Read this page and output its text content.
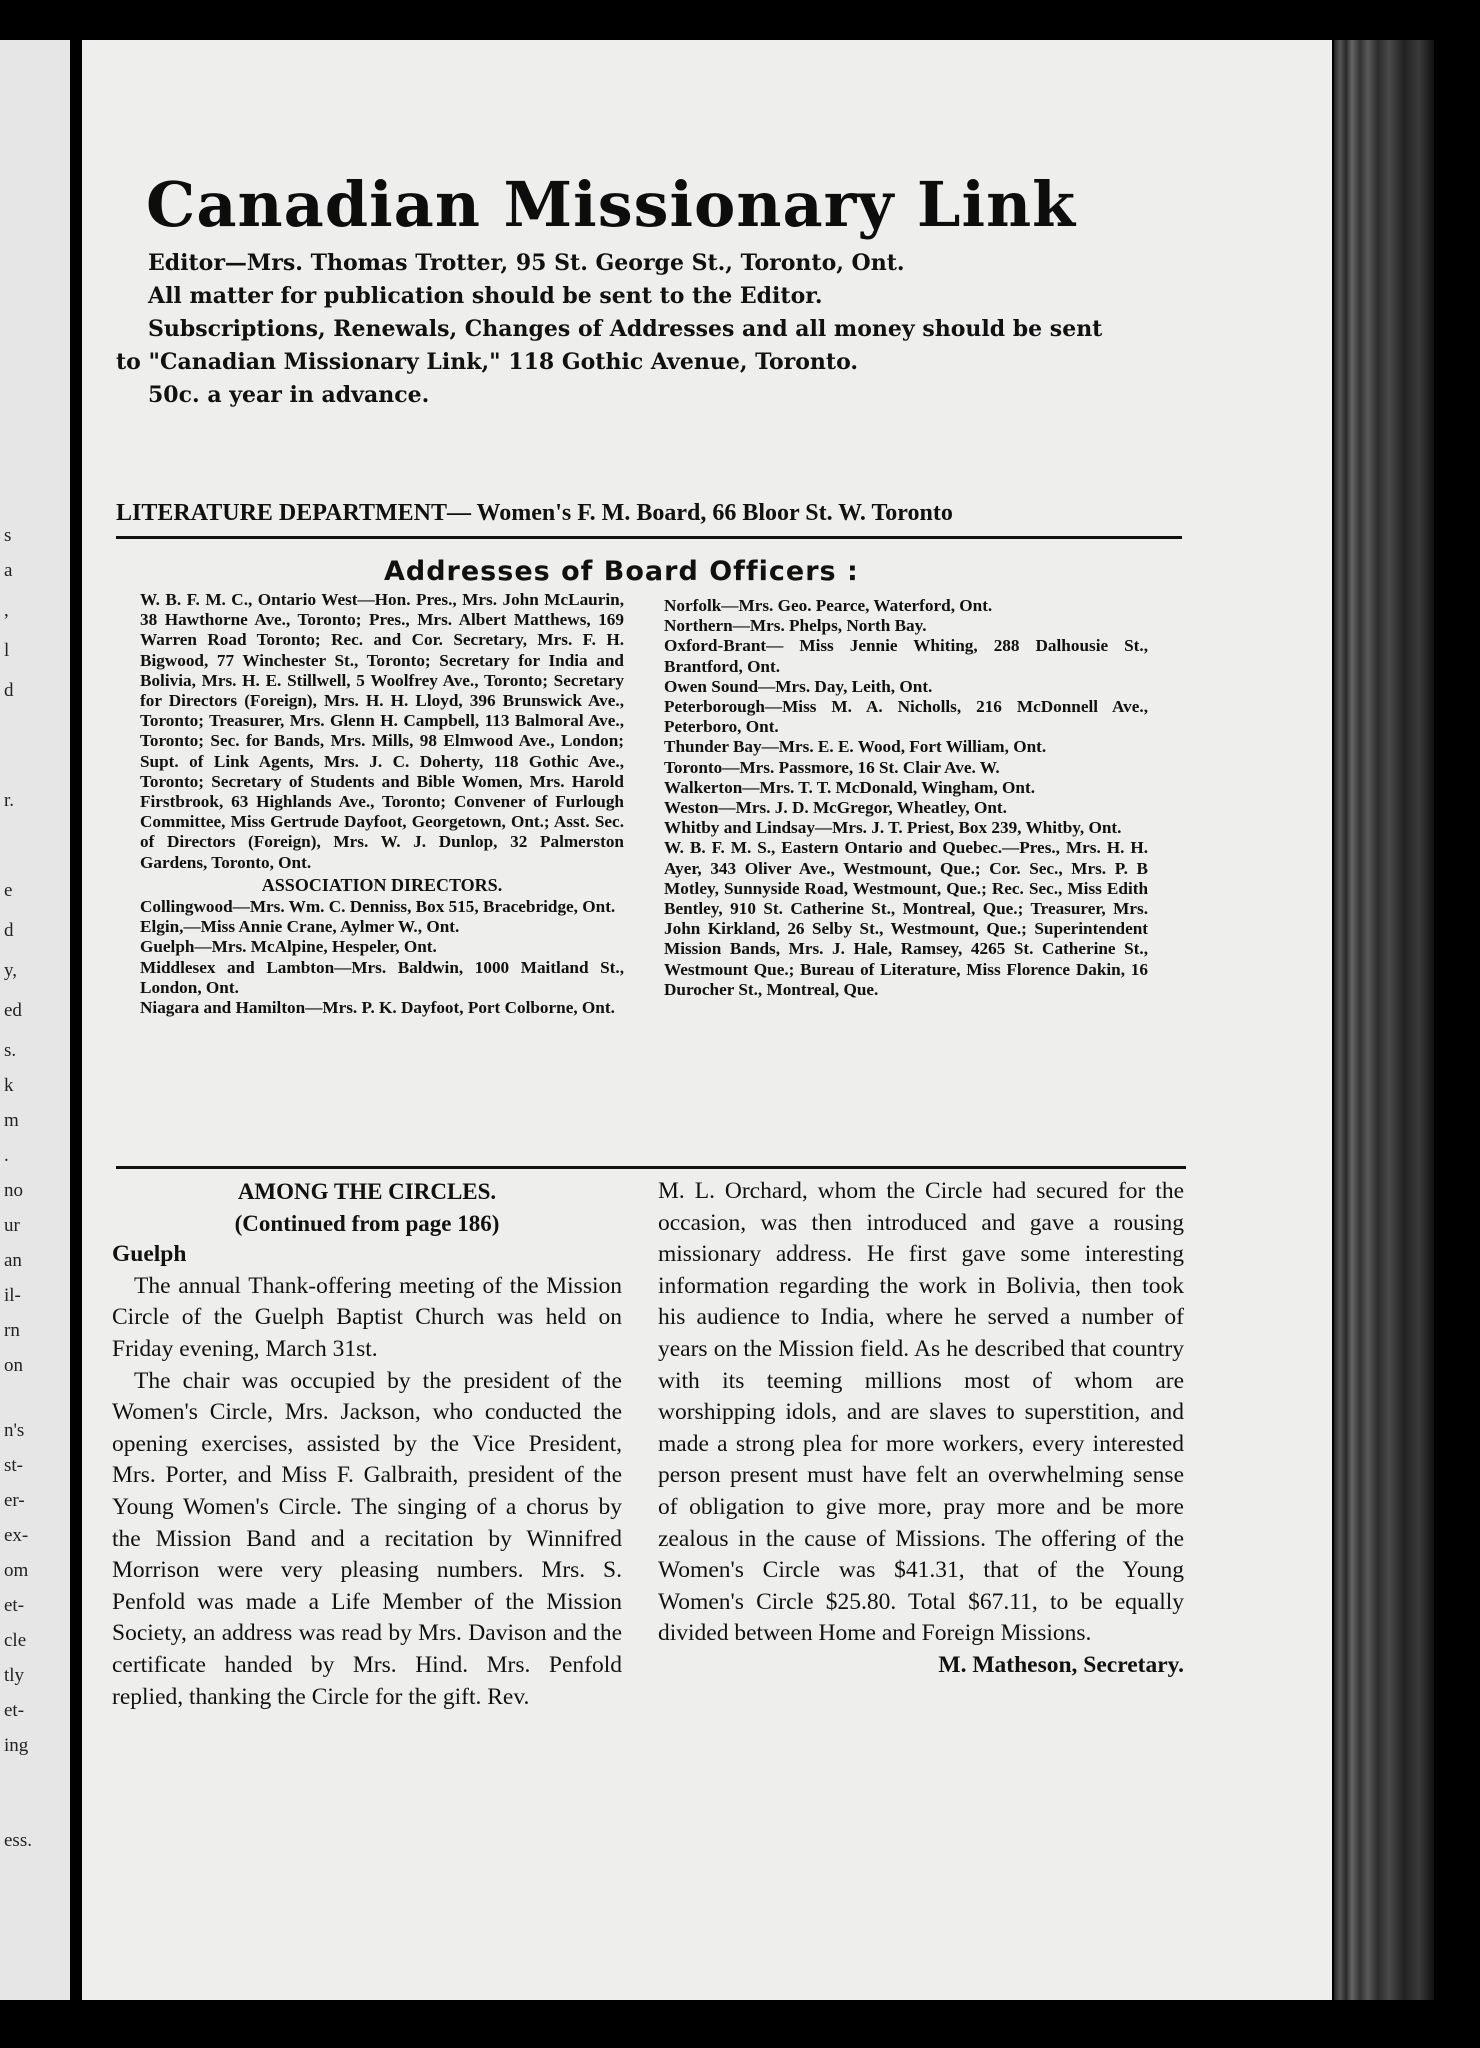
s
a
,
l
d
r.
e
d
y,
ed
s.
k
m
.
no
ur
an
il-
rn
on
n's
st-
er-
ex-
om
et-
cle
tly
et-
ing
ess.
Canadian Missionary Link
Editor—Mrs. Thomas Trotter, 95 St. George St., Toronto, Ont.
All matter for publication should be sent to the Editor.
Subscriptions, Renewals, Changes of Addresses and all money should be sent
to "Canadian Missionary Link," 118 Gothic Avenue, Toronto.
50c. a year in advance.
LITERATURE DEPARTMENT— Women's F. M. Board, 66 Bloor St. W. Toronto
Addresses of Board Officers :

W. B. F. M. C., Ontario West—Hon. Pres., Mrs. John McLaurin, 38 Hawthorne Ave., Toronto; Pres., Mrs. Albert Matthews, 169 Warren Road Toronto; Rec. and Cor. Secretary, Mrs. F. H. Bigwood, 77 Winchester St., Toronto; Secretary for India and Bolivia, Mrs. H. E. Stillwell, 5 Woolfrey Ave., Toronto; Secretary for Directors (Foreign), Mrs. H. H. Lloyd, 396 Brunswick Ave., Toronto; Treasurer, Mrs. Glenn H. Campbell, 113 Balmoral Ave., Toronto; Sec. for Bands, Mrs. Mills, 98 Elmwood Ave., London; Supt. of Link Agents, Mrs. J. C. Doherty, 118 Gothic Ave., Toronto; Secretary of Students and Bible Women, Mrs. Harold Firstbrook, 63 Highlands Ave., Toronto; Convener of Furlough Committee, Miss Gertrude Dayfoot, Georgetown, Ont.; Asst. Sec. of Directors (Foreign), Mrs. W. J. Dunlop, 32 Palmerston Gardens, Toronto, Ont.

ASSOCIATION DIRECTORS.

Collingwood—Mrs. Wm. C. Denniss, Box 515, Bracebridge, Ont.

Elgin,—Miss Annie Crane, Aylmer W., Ont.

Guelph—Mrs. McAlpine, Hespeler, Ont.

Middlesex and Lambton—Mrs. Baldwin, 1000 Maitland St., London, Ont.

Niagara and Hamilton—Mrs. P. K. Dayfoot, Port Colborne, Ont.

Norfolk—Mrs. Geo. Pearce, Waterford, Ont.

Northern—Mrs. Phelps, North Bay.

Oxford-Brant— Miss Jennie Whiting, 288 Dalhousie St., Brantford, Ont.

Owen Sound—Mrs. Day, Leith, Ont.

Peterborough—Miss M. A. Nicholls, 216 McDonnell Ave., Peterboro, Ont.

Thunder Bay—Mrs. E. E. Wood, Fort William, Ont.

Toronto—Mrs. Passmore, 16 St. Clair Ave. W.

Walkerton—Mrs. T. T. McDonald, Wingham, Ont.

Weston—Mrs. J. D. McGregor, Wheatley, Ont.

Whitby and Lindsay—Mrs. J. T. Priest, Box 239, Whitby, Ont.

W. B. F. M. S., Eastern Ontario and Quebec.—Pres., Mrs. H. H. Ayer, 343 Oliver Ave., Westmount, Que.; Cor. Sec., Mrs. P. B Motley, Sunnyside Road, Westmount, Que.; Rec. Sec., Miss Edith Bentley, 910 St. Catherine St., Montreal, Que.; Treasurer, Mrs. John Kirkland, 26 Selby St., Westmount, Que.; Superintendent Mission Bands, Mrs. J. Hale, Ramsey, 4265 St. Catherine St., Westmount Que.; Bureau of Literature, Miss Florence Dakin, 16 Durocher St., Montreal, Que.

AMONG THE CIRCLES.

(Continued from page 186)

Guelph

The annual Thank-offering meeting of the Mission Circle of the Guelph Baptist Church was held on Friday evening, March 31st.

The chair was occupied by the president of the Women's Circle, Mrs. Jackson, who conducted the opening exercises, assisted by the Vice President, Mrs. Porter, and Miss F. Galbraith, president of the Young Women's Circle. The singing of a chorus by the Mission Band and a recitation by Winnifred Morrison were very pleasing numbers. Mrs. S. Penfold was made a Life Member of the Mission Society, an address was read by Mrs. Davison and the certificate handed by Mrs. Hind. Mrs. Penfold replied, thanking the Circle for the gift. Rev.

M. L. Orchard, whom the Circle had secured for the occasion, was then introduced and gave a rousing missionary address. He first gave some interesting information regarding the work in Bolivia, then took his audience to India, where he served a number of years on the Mission field. As he described that country with its teeming millions most of whom are worshipping idols, and are slaves to superstition, and made a strong plea for more workers, every interested person present must have felt an overwhelming sense of obligation to give more, pray more and be more zealous in the cause of Missions. The offering of the Women's Circle was $41.31, that of the Young Women's Circle $25.80. Total $67.11, to be equally divided between Home and Foreign Missions.

M. Matheson, Secretary.
